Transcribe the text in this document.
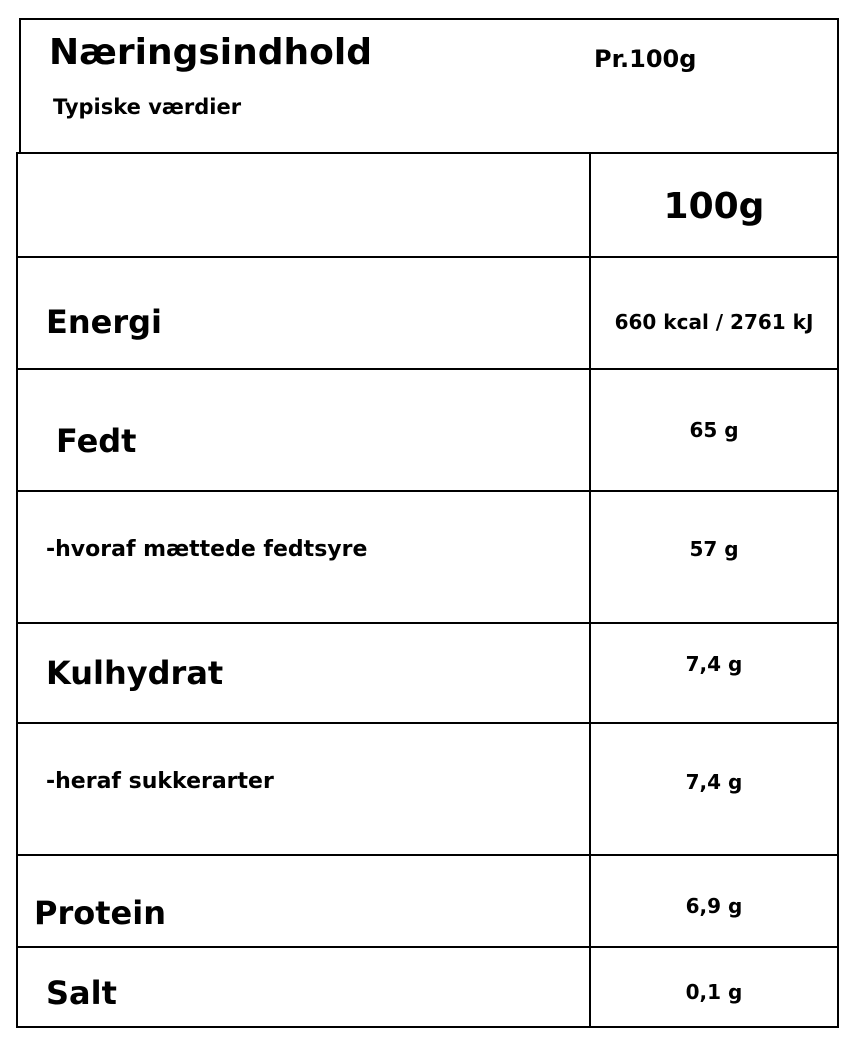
Næringsindhold
Typiske værdier
Pr.100g
100g
Energi	660 kcal / 2761 kJ
Fedt	65 g
-hvoraf mættede fedtsyre	57 g
Kulhydrat	7,4 g
-heraf sukkerarter	7,4 g
Protein	6,9 g
Salt	0,1 g
